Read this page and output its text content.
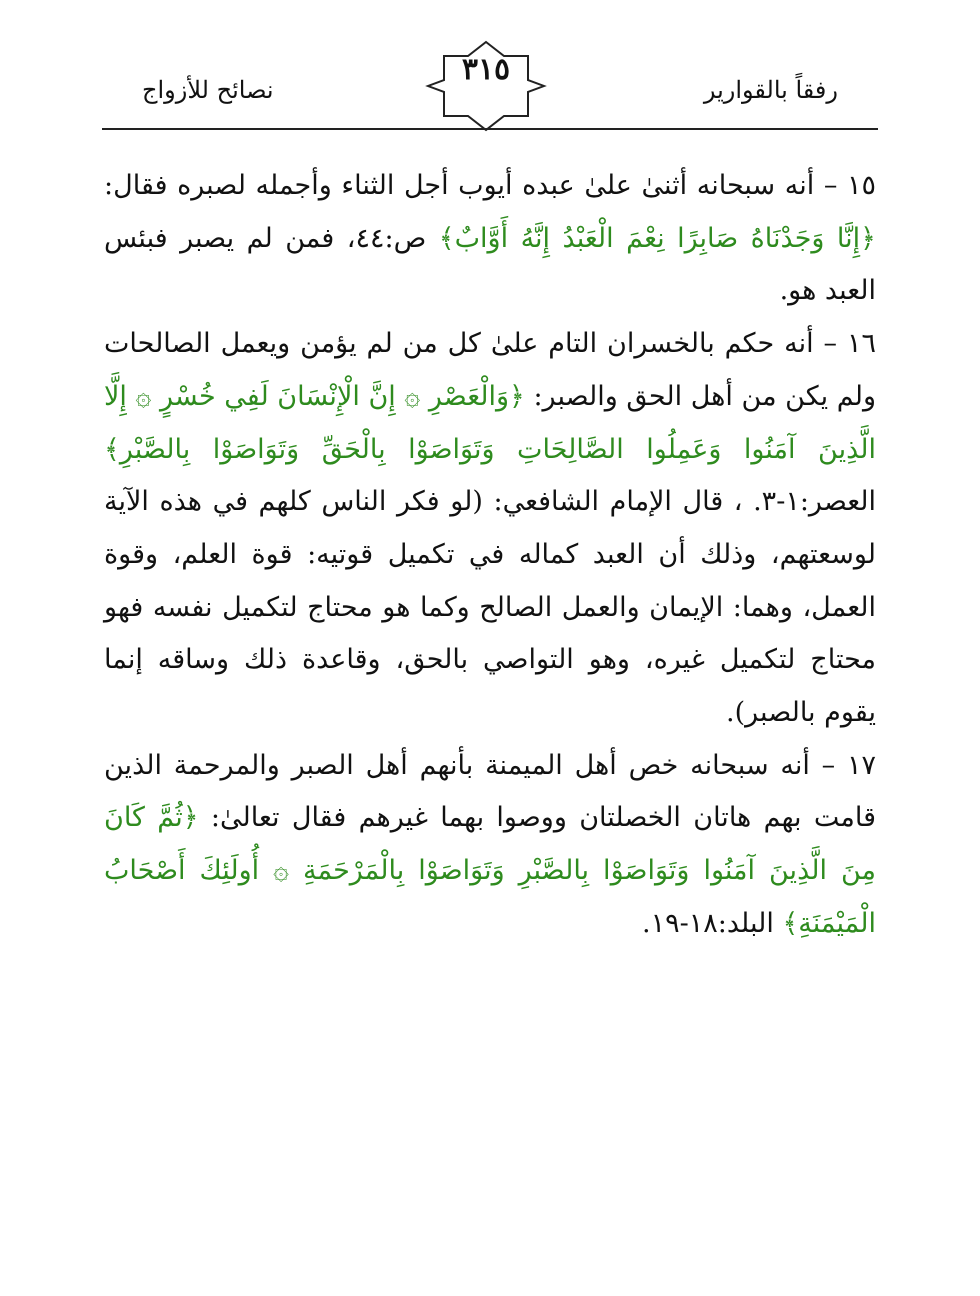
نصائح للأزواج
٣١٥
رفقاً بالقوارير

١٥ – أنه سبحانه أثنىٰ علىٰ عبده أيوب أجل الثناء وأجمله لصبره فقال: ﴿إِنَّا وَجَدْنَاهُ صَابِرًا نِعْمَ الْعَبْدُ إِنَّهُ أَوَّابٌ﴾ ص:٤٤، فمن لم يصبر فبئس العبد هو.

١٦ – أنه حكم بالخسران التام علىٰ كل من لم يؤمن ويعمل الصالحات ولم يكن من أهل الحق والصبر: ﴿وَالْعَصْرِ ۞ إِنَّ الْإِنْسَانَ لَفِي خُسْرٍ ۞ إِلَّا الَّذِينَ آمَنُوا وَعَمِلُوا الصَّالِحَاتِ وَتَوَاصَوْا بِالْحَقِّ وَتَوَاصَوْا بِالصَّبْرِ﴾ العصر:١-٣. ، قال الإمام الشافعي: (لو فكر الناس كلهم في هذه الآية لوسعتهم، وذلك أن العبد كماله في تكميل قوتيه: قوة العلم، وقوة العمل، وهما: الإيمان والعمل الصالح وكما هو محتاج لتكميل نفسه فهو محتاج لتكميل غيره، وهو التواصي بالحق، وقاعدة ذلك وساقه إنما يقوم بالصبر).

١٧ – أنه سبحانه خص أهل الميمنة بأنهم أهل الصبر والمرحمة الذين قامت بهم هاتان الخصلتان ووصوا بهما غيرهم فقال تعالىٰ: ﴿ثُمَّ كَانَ مِنَ الَّذِينَ آمَنُوا وَتَوَاصَوْا بِالصَّبْرِ وَتَوَاصَوْا بِالْمَرْحَمَةِ ۞ أُولَئِكَ أَصْحَابُ الْمَيْمَنَةِ﴾ البلد:١٨-١٩.
